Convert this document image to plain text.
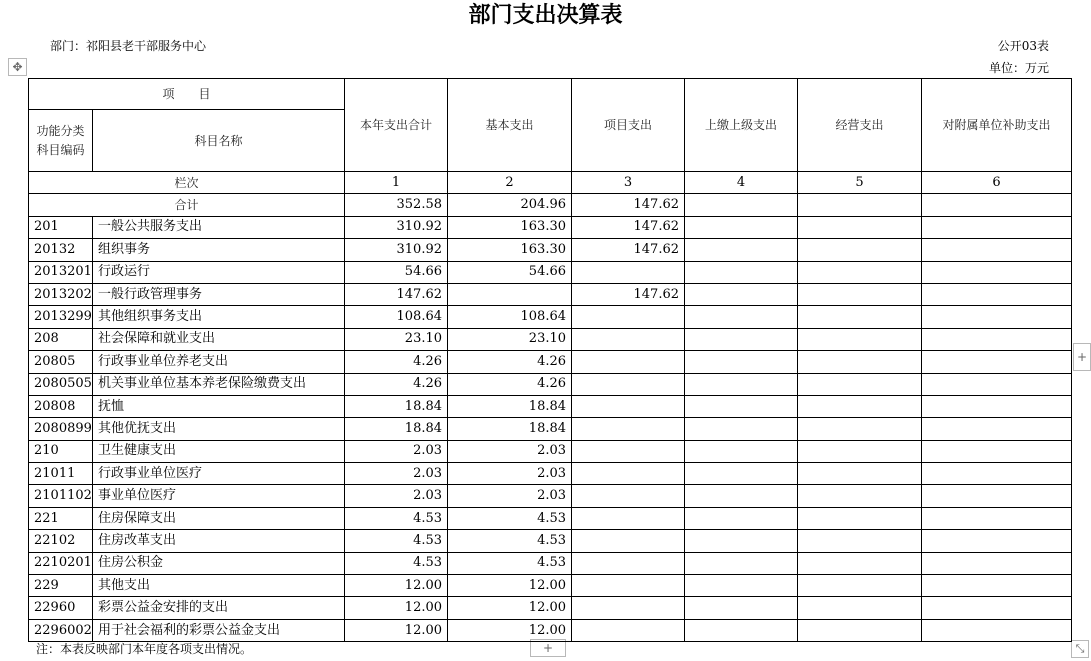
部门支出决算表
部门：祁阳县老干部服务中心	公开03表
单位：万元
✥
+
+	⤡
项　　目		本年支出合计	基本支出	项目支出	上缴上级支出	经营支出	对附属单位补助支出
功能分类科目编码	科目名称						
栏次		1	2	3	4	5	6
合计		352.58	204.96	147.62			
201	一般公共服务支出	310.92	163.30	147.62			
20132	组织事务	310.92	163.30	147.62			
2013201	行政运行	54.66	54.66				
2013202	一般行政管理事务	147.62		147.62			
2013299	其他组织事务支出	108.64	108.64				
208	社会保障和就业支出	23.10	23.10				
20805	行政事业单位养老支出	4.26	4.26				
2080505	机关事业单位基本养老保险缴费支出	4.26	4.26				
20808	抚恤	18.84	18.84				
2080899	其他优抚支出	18.84	18.84				
210	卫生健康支出	2.03	2.03				
21011	行政事业单位医疗	2.03	2.03				
2101102	事业单位医疗	2.03	2.03				
221	住房保障支出	4.53	4.53				
22102	住房改革支出	4.53	4.53				
2210201	住房公积金	4.53	4.53				
229	其他支出	12.00	12.00				
22960	彩票公益金安排的支出	12.00	12.00				
2296002	用于社会福利的彩票公益金支出	12.00	12.00				
注：本表反映部门本年度各项支出情况。
